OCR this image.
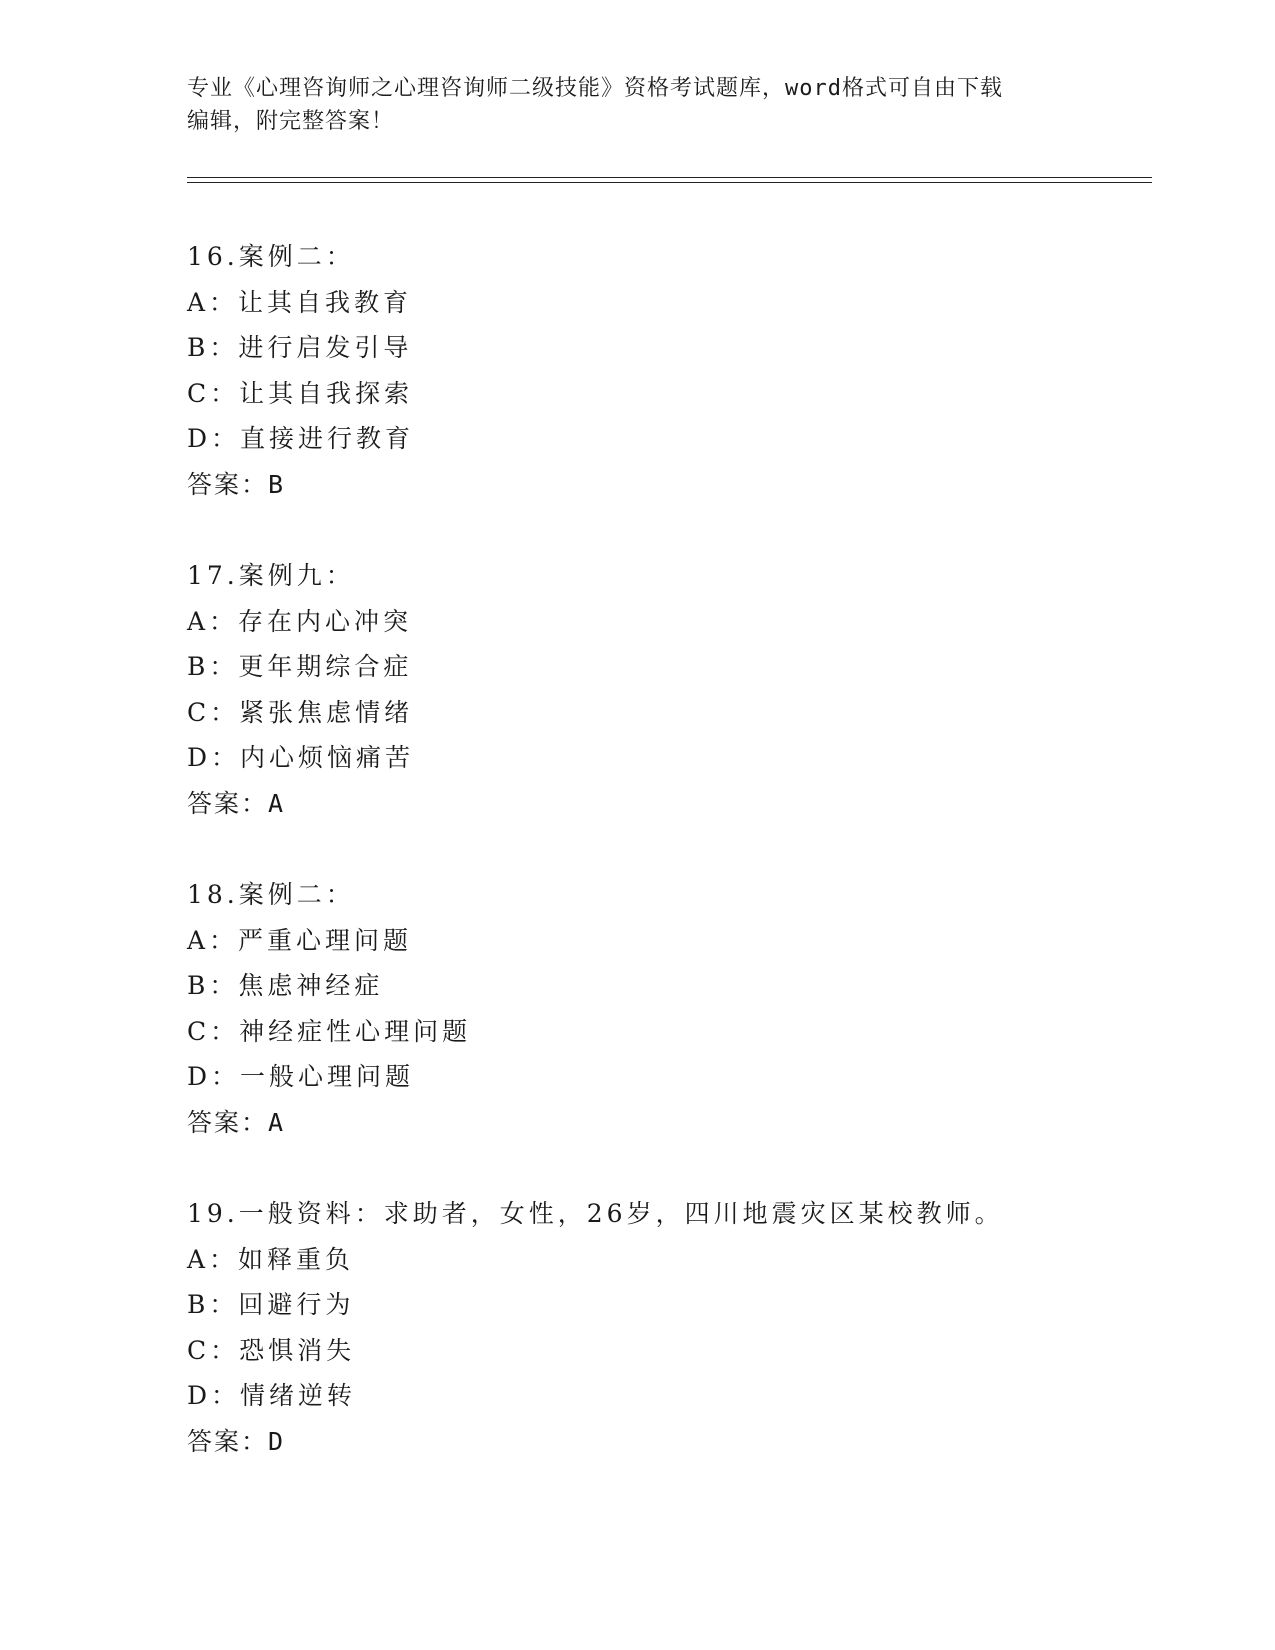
专业《心理咨询师之心理咨询师二级技能》资格考试题库，word格式可自由下载
编辑，附完整答案！
16.案例二：
A：让其自我教育
B：进行启发引导
C：让其自我探索
D：直接进行教育
答案：B
17.案例九：
A：存在内心冲突
B：更年期综合症
C：紧张焦虑情绪
D：内心烦恼痛苦
答案：A
18.案例二：
A：严重心理问题
B：焦虑神经症
C：神经症性心理问题
D：一般心理问题
答案：A
19.一般资料：求助者，女性，26岁，四川地震灾区某校教师。
A：如释重负
B：回避行为
C：恐惧消失
D：情绪逆转
答案：D
